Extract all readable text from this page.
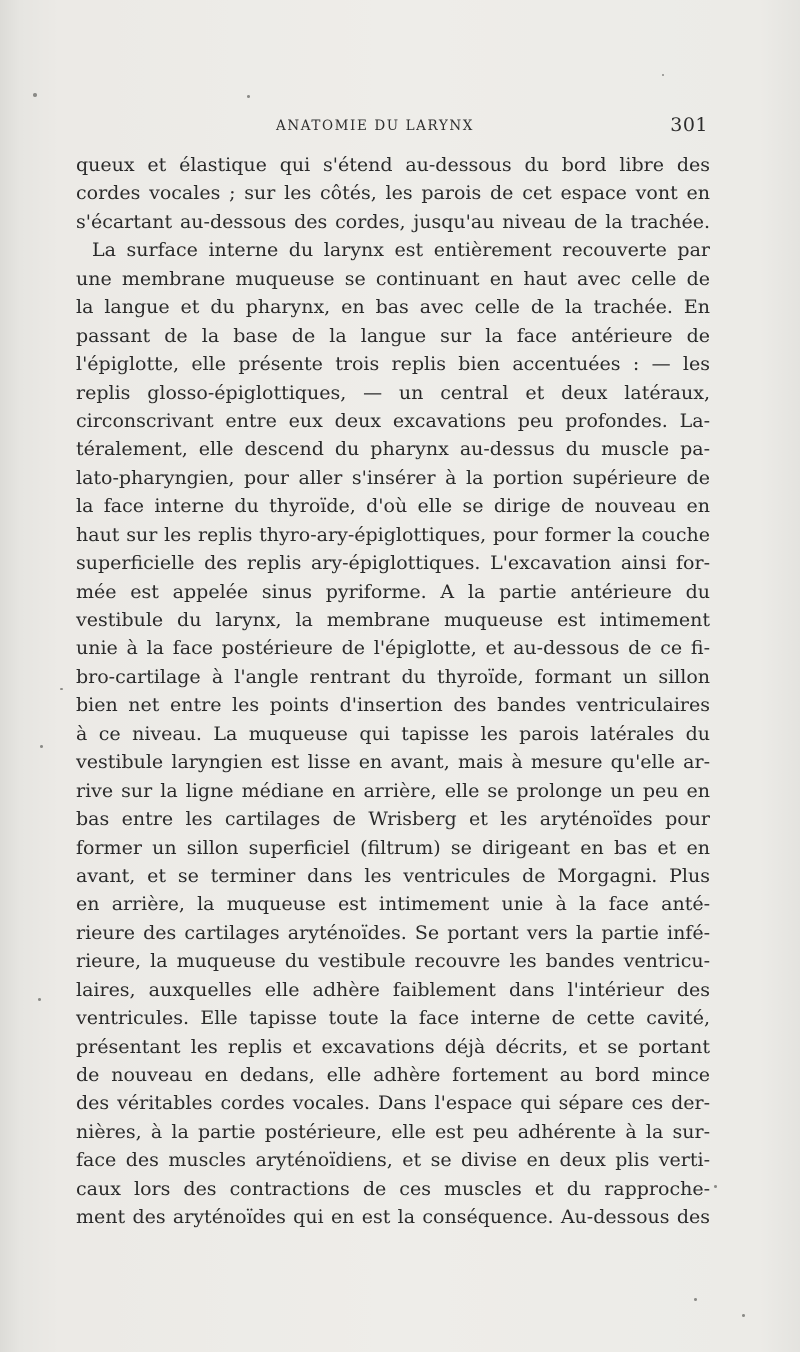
ANATOMIE DU LARYNX	301
queux et élastique qui s'étend au-dessous du bord libre des
cordes vocales ; sur les côtés, les parois de cet espace vont en
s'écartant au-dessous des cordes, jusqu'au niveau de la trachée.
La surface interne du larynx est entièrement recouverte par
une membrane muqueuse se continuant en haut avec celle de
la langue et du pharynx, en bas avec celle de la trachée. En
passant de la base de la langue sur la face antérieure de
l'épiglotte, elle présente trois replis bien accentuées : — les
replis glosso-épiglottiques, — un central et deux latéraux,
circonscrivant entre eux deux excavations peu profondes. La-
téralement, elle descend du pharynx au-dessus du muscle pa-
lato-pharyngien, pour aller s'insérer à la portion supérieure de
la face interne du thyroïde, d'où elle se dirige de nouveau en
haut sur les replis thyro-ary-épiglottiques, pour former la couche
superficielle des replis ary-épiglottiques. L'excavation ainsi for-
mée est appelée sinus pyriforme. A la partie antérieure du
vestibule du larynx, la membrane muqueuse est intimement
unie à la face postérieure de l'épiglotte, et au-dessous de ce fi-
bro-cartilage à l'angle rentrant du thyroïde, formant un sillon
bien net entre les points d'insertion des bandes ventriculaires
à ce niveau. La muqueuse qui tapisse les parois latérales du
vestibule laryngien est lisse en avant, mais à mesure qu'elle ar-
rive sur la ligne médiane en arrière, elle se prolonge un peu en
bas entre les cartilages de Wrisberg et les aryténoïdes pour
former un sillon superficiel (filtrum) se dirigeant en bas et en
avant, et se terminer dans les ventricules de Morgagni. Plus
en arrière, la muqueuse est intimement unie à la face anté-
rieure des cartilages aryténoïdes. Se portant vers la partie infé-
rieure, la muqueuse du vestibule recouvre les bandes ventricu-
laires, auxquelles elle adhère faiblement dans l'intérieur des
ventricules. Elle tapisse toute la face interne de cette cavité,
présentant les replis et excavations déjà décrits, et se portant
de nouveau en dedans, elle adhère fortement au bord mince
des véritables cordes vocales. Dans l'espace qui sépare ces der-
nières, à la partie postérieure, elle est peu adhérente à la sur-
face des muscles aryténoïdiens, et se divise en deux plis verti-
caux lors des contractions de ces muscles et du rapproche-
ment des aryténoïdes qui en est la conséquence. Au-dessous des
